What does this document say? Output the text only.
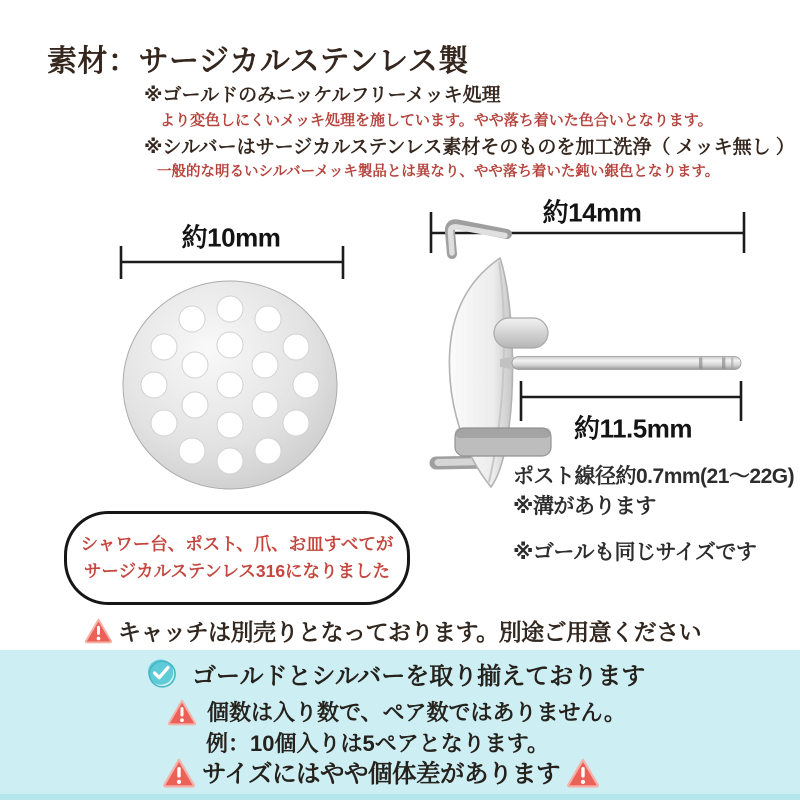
素材：サージカルステンレス製
※ゴールドのみニッケルフリーメッキ処理
より変色しにくいメッキ処理を施しています。やや落ち着いた色合いとなります。
※シルバーはサージカルステンレス素材そのものを加工洗浄（ メッキ無し ）
一般的な明るいシルバーメッキ製品とは異なり、やや落ち着いた鈍い銀色となります。
約10mm
約14mm
約11.5mm
ポスト線径約0.7mm(21〜22G)
※溝があります
※ゴールも同じサイズです
シャワー台、ポスト、爪、お皿すべてが
サージカルステンレス316になりました
キャッチは別売りとなっております。別途ご用意ください
ゴールドとシルバーを取り揃えております
個数は入り数で、ペア数ではありません。
例：10個入りは5ペアとなります。
サイズにはやや個体差があります
